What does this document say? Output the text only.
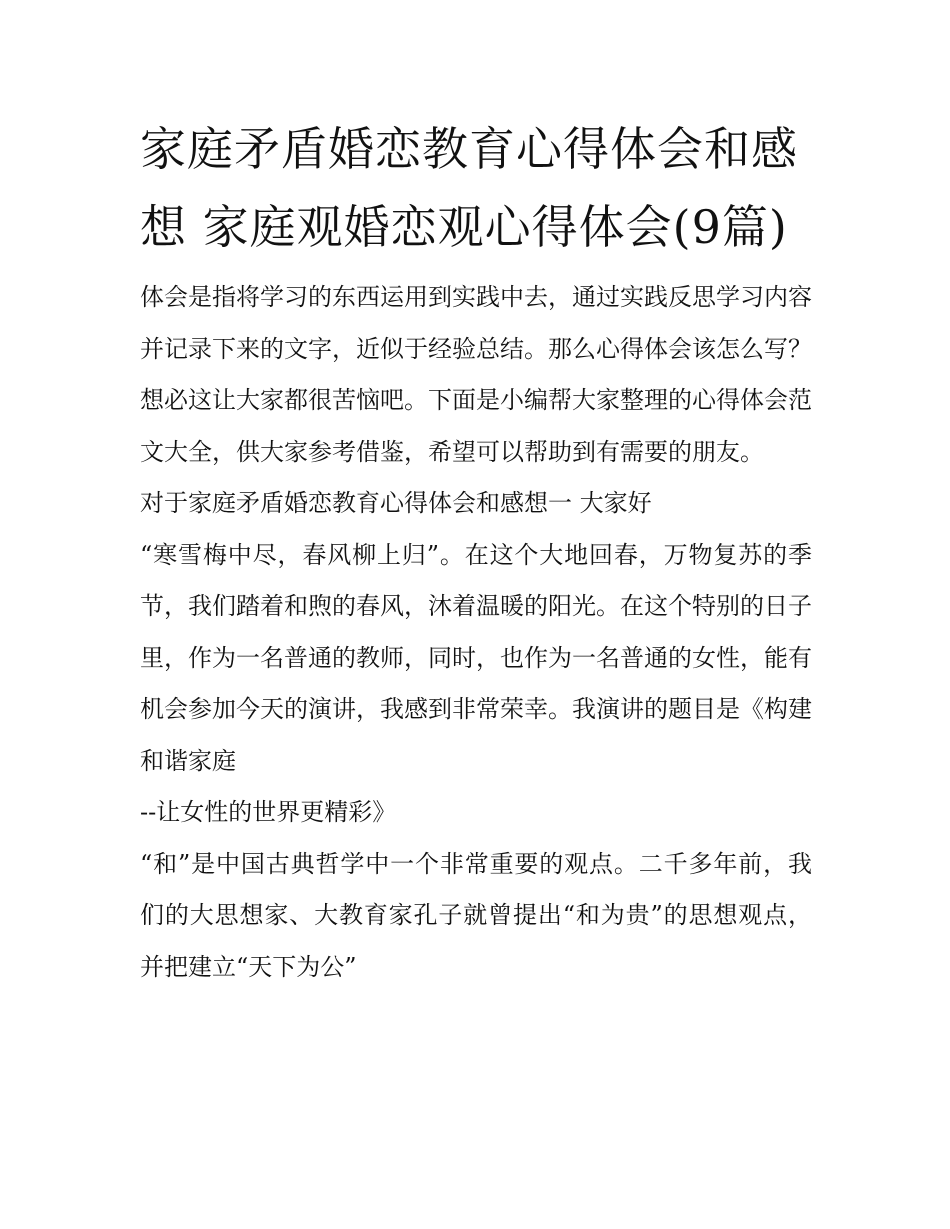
家庭矛盾婚恋教育心得体会和感想 家庭观婚恋观心得体会(9篇)

体会是指将学习的东西运用到实践中去，通过实践反思学习内容并记录下来的文字，近似于经验总结。那么心得体会该怎么写？想必这让大家都很苦恼吧。下面是小编帮大家整理的心得体会范文大全，供大家参考借鉴，希望可以帮助到有需要的朋友。

对于家庭矛盾婚恋教育心得体会和感想一 大家好

“寒雪梅中尽，春风柳上归”。在这个大地回春，万物复苏的季节，我们踏着和煦的春风，沐着温暖的阳光。在这个特别的日子里，作为一名普通的教师，同时，也作为一名普通的女性，能有机会参加今天的演讲，我感到非常荣幸。我演讲的题目是《构建和谐家庭

--让女性的世界更精彩》

“和”是中国古典哲学中一个非常重要的观点。二千多年前，我们的大思想家、大教育家孔子就曾提出“和为贵”的思想观点，并把建立“天下为公”
